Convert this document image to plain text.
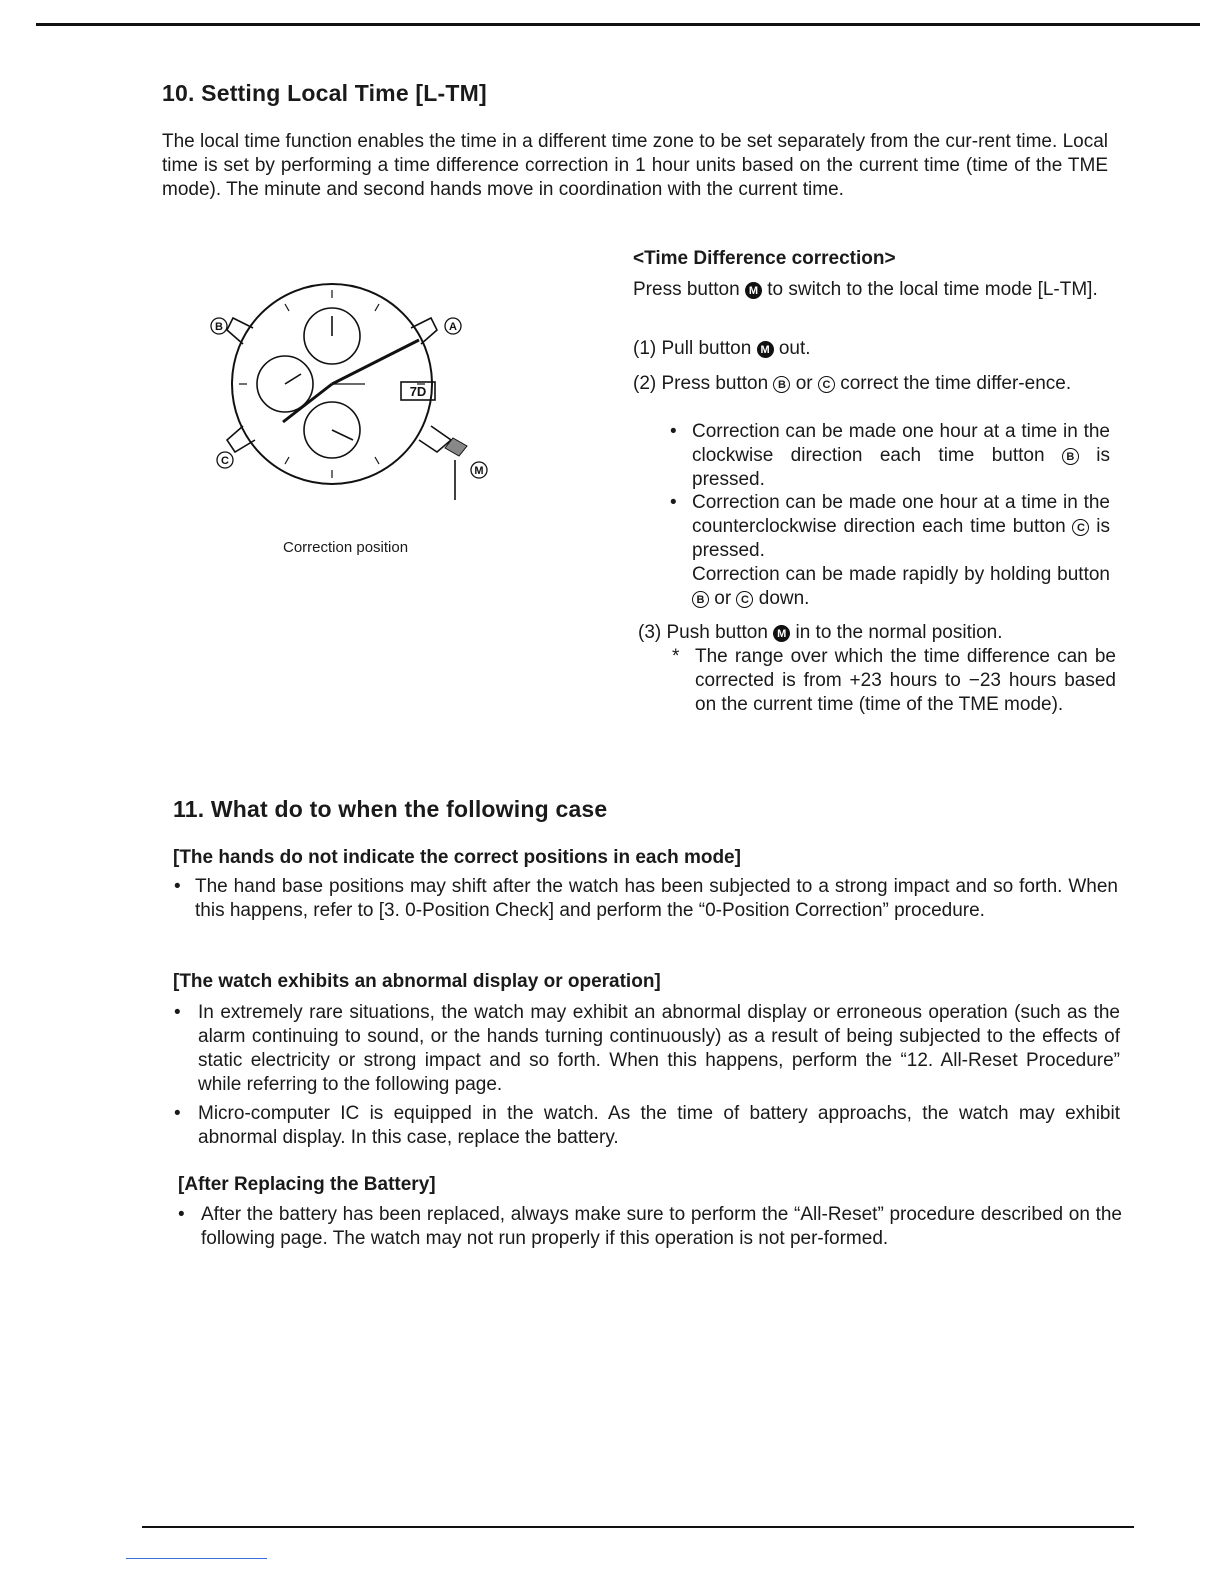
10. Setting Local Time [L-TM]

The local time function enables the time in a different time zone to be set separately from the cur-rent time. Local time is set by performing a time difference correction in 1 hour units based on the current time (time of the TME mode). The minute and second hands move in coordination with the current time.

B	A
C
M
7D
Correction position
<Time Difference correction>
Press button M to switch to the local time mode [L-TM].
(1) Pull button M out.
(2) Press button B or C correct the time differ-ence.
• Correction can be made one hour at a time in the clockwise direction each time button B is pressed.
• Correction can be made one hour at a time in the counterclockwise direction each time button C is pressed.
Correction can be made rapidly by holding button B or C down.
(3) Push button M in to the normal position.
* The range over which the time difference can be corrected is from +23 hours to −23 hours based on the current time (time of the TME mode).
11. What do to when the following case
[The hands do not indicate the correct positions in each mode]
• The hand base positions may shift after the watch has been subjected to a strong impact and so forth. When this happens, refer to [3. 0-Position Check] and perform the “0-Position Correction” procedure.
[The watch exhibits an abnormal display or operation]
• In extremely rare situations, the watch may exhibit an abnormal display or erroneous operation (such as the alarm continuing to sound, or the hands turning continuously) as a result of being subjected to the effects of static electricity or strong impact and so forth. When this happens, perform the “12. All-Reset Procedure” while referring to the following page.
• Micro-computer IC is equipped in the watch. As the time of battery approachs, the watch may exhibit abnormal display. In this case, replace the battery.
[After Replacing the Battery]
• After the battery has been replaced, always make sure to perform the “All-Reset” procedure described on the following page. The watch may not run properly if this operation is not per-formed.
